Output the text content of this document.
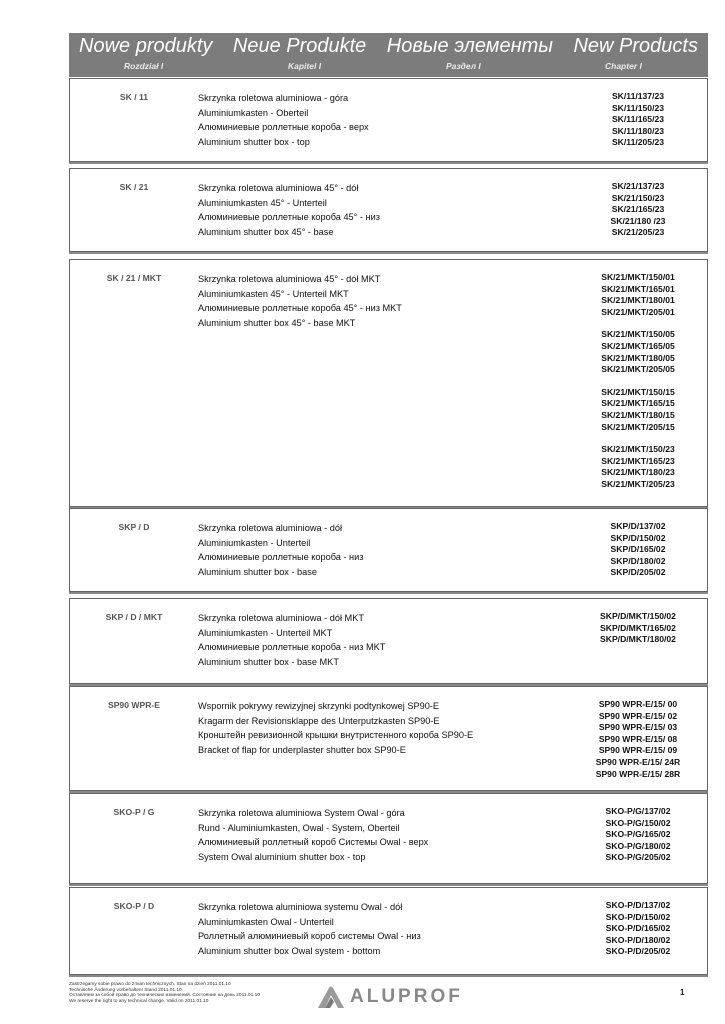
Nowe produkty Neue Produkte Новые элементы New Products
Rozdział I	Kapitel I	Раздел I	Chapter I
SK / 11	Skrzynka roletowa aluminiowa - góra
Aluminiumkasten - Oberteil
Алюминиевые роллетные короба - верх
Aluminium shutter box - top
SK/11/137/23
SK/11/150/23
SK/11/165/23
SK/11/180/23
SK/11/205/23
SK / 21	Skrzynka roletowa aluminiowa 45° - dół
Aluminiumkasten 45° - Unterteil
Алюминиевые роллетные короба 45° - низ
Aluminium shutter box 45° - base
SK/21/137/23
SK/21/150/23
SK/21/165/23
SK/21/180 /23
SK/21/205/23
SK / 21 / MKT	Skrzynka roletowa aluminiowa 45° - dół MKT
Aluminiumkasten 45° - Unterteil MKT
Алюминиевые роллетные короба 45° - низ MKT
Aluminium shutter box 45° - base MKT
SK/21/MKT/150/01
SK/21/MKT/165/01
SK/21/MKT/180/01
SK/21/MKT/205/01
SK/21/MKT/150/05
SK/21/MKT/165/05
SK/21/MKT/180/05
SK/21/MKT/205/05
SK/21/MKT/150/15
SK/21/MKT/165/15
SK/21/MKT/180/15
SK/21/MKT/205/15
SK/21/MKT/150/23
SK/21/MKT/165/23
SK/21/MKT/180/23
SK/21/MKT/205/23
SKP / D	Skrzynka roletowa aluminiowa - dół
Aluminiumkasten - Unterteil
Алюминиевые роллетные короба - низ
Aluminium shutter box - base
SKP/D/137/02
SKP/D/150/02
SKP/D/165/02
SKP/D/180/02
SKP/D/205/02
SKP / D / MKT	Skrzynka roletowa aluminiowa - dół MKT
Aluminiumkasten - Unterteil MKT
Алюминиевые роллетные короба - низ MKT
Aluminium shutter box - base MKT
SKP/D/MKT/150/02
SKP/D/MKT/165/02
SKP/D/MKT/180/02
SP90 WPR-E	Wspornik pokrywy rewizyjnej skrzynki podtynkowej SP90-E
Kragarm der Revisionsklappe des Unterputzkasten SP90-E
Кронштейн ревизионной крышки внутристенного короба SP90-E
Bracket of flap for underplaster shutter box SP90-E
SP90 WPR-E/15/ 00
SP90 WPR-E/15/ 02
SP90 WPR-E/15/ 03
SP90 WPR-E/15/ 08
SP90 WPR-E/15/ 09
SP90 WPR-E/15/ 24R
SP90 WPR-E/15/ 28R
SKO-P / G	Skrzynka roletowa aluminiowa System Owal - góra
Rund - Aluminiumkasten, Owal - System, Oberteil
Алюминиевый роллетный короб Системы Owal - верх
System Owal aluminium shutter box - top
SKO-P/G/137/02
SKO-P/G/150/02
SKO-P/G/165/02
SKO-P/G/180/02
SKO-P/G/205/02
SKO-P / D	Skrzynka roletowa aluminiowa systemu Owal - dół
Aluminiumkasten Owal - Unterteil
Роллетный алюминиевый короб системы Owal - низ
Aluminium shutter box Owal system - bottom
SKO-P/D/137/02
SKO-P/D/150/02
SKO-P/D/165/02
SKO-P/D/180/02
SKO-P/D/205/02
Zastrzegamy sobie prawo do zmian technicznych. Stan na dzień 2011.01.10
Technische Änderung vorbehalten! Stand 2011.01.10
Оставляем за собой право до технических изменений. Состояние на день 2011.01.10
We reserve the right to any technical change. Valid on 2011.01.10	ALUPROF	1
